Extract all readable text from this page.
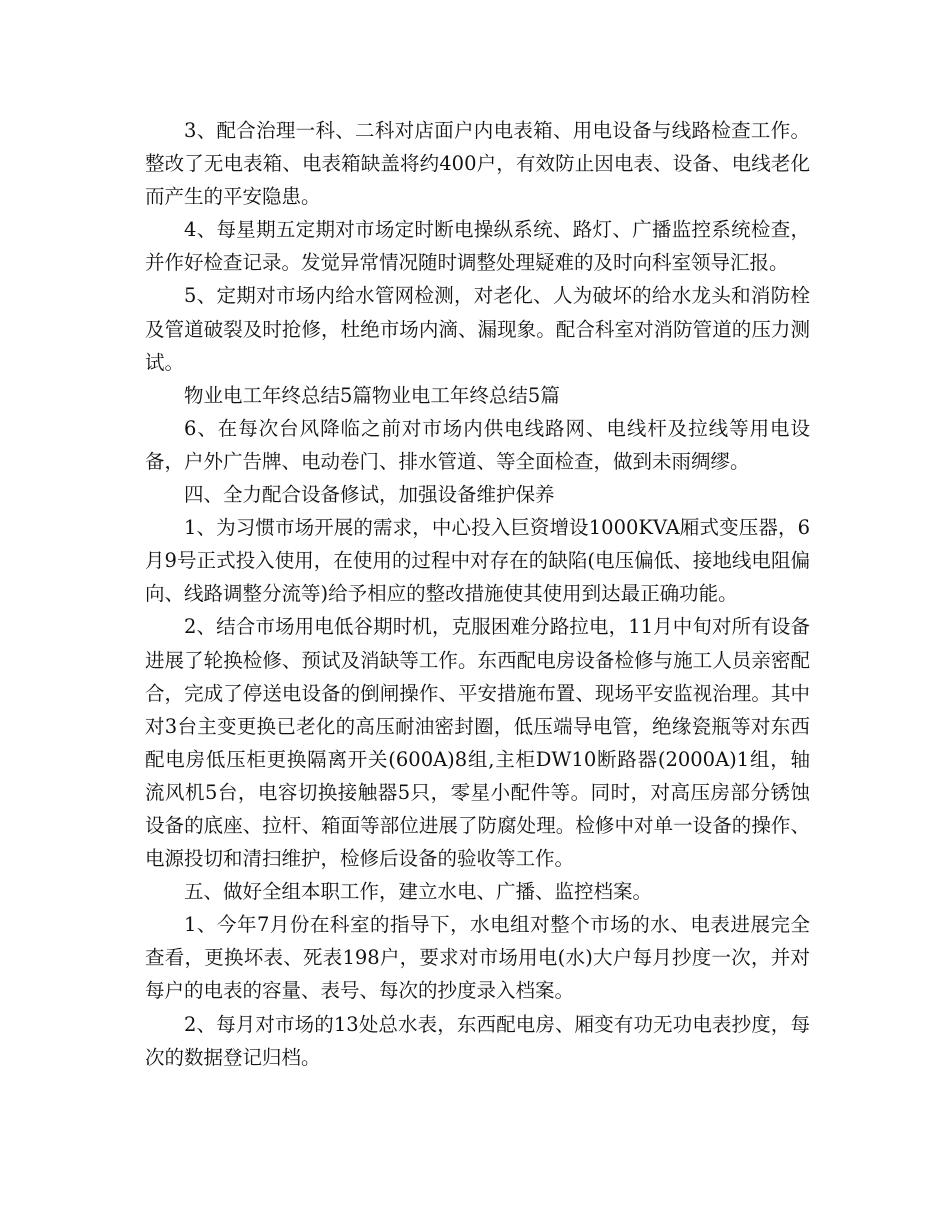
3、配合治理一科、二科对店面户内电表箱、用电设备与线路检查工作。整改了无电表箱、电表箱缺盖将约400户，有效防止因电表、设备、电线老化而产生的平安隐患。

4、每星期五定期对市场定时断电操纵系统、路灯、广播监控系统检查，并作好检查记录。发觉异常情况随时调整处理疑难的及时向科室领导汇报。

5、定期对市场内给水管网检测，对老化、人为破坏的给水龙头和消防栓及管道破裂及时抢修，杜绝市场内滴、漏现象。配合科室对消防管道的压力测试。

物业电工年终总结5篇物业电工年终总结5篇

6、在每次台风降临之前对市场内供电线路网、电线杆及拉线等用电设备，户外广告牌、电动卷门、排水管道、等全面检查，做到未雨绸缪。

四、全力配合设备修试，加强设备维护保养

1、为习惯市场开展的需求，中心投入巨资增设1000KVA厢式变压器，6月9号正式投入使用，在使用的过程中对存在的缺陷(电压偏低、接地线电阻偏向、线路调整分流等)给予相应的整改措施使其使用到达最正确功能。

2、结合市场用电低谷期时机，克服困难分路拉电，11月中旬对所有设备进展了轮换检修、预试及消缺等工作。东西配电房设备检修与施工人员亲密配合，完成了停送电设备的倒闸操作、平安措施布置、现场平安监视治理。其中对3台主变更换已老化的高压耐油密封圈，低压端导电管，绝缘瓷瓶等对东西配电房低压柜更换隔离开关(600A)8组,主柜DW10断路器(2000A)1组，轴流风机5台，电容切换接触器5只，零星小配件等。同时，对高压房部分锈蚀设备的底座、拉杆、箱面等部位进展了防腐处理。检修中对单一设备的操作、电源投切和清扫维护，检修后设备的验收等工作。

五、做好全组本职工作，建立水电、广播、监控档案。

1、今年7月份在科室的指导下，水电组对整个市场的水、电表进展完全查看，更换坏表、死表198户，要求对市场用电(水)大户每月抄度一次，并对每户的电表的容量、表号、每次的抄度录入档案。

2、每月对市场的13处总水表，东西配电房、厢变有功无功电表抄度，每次的数据登记归档。
